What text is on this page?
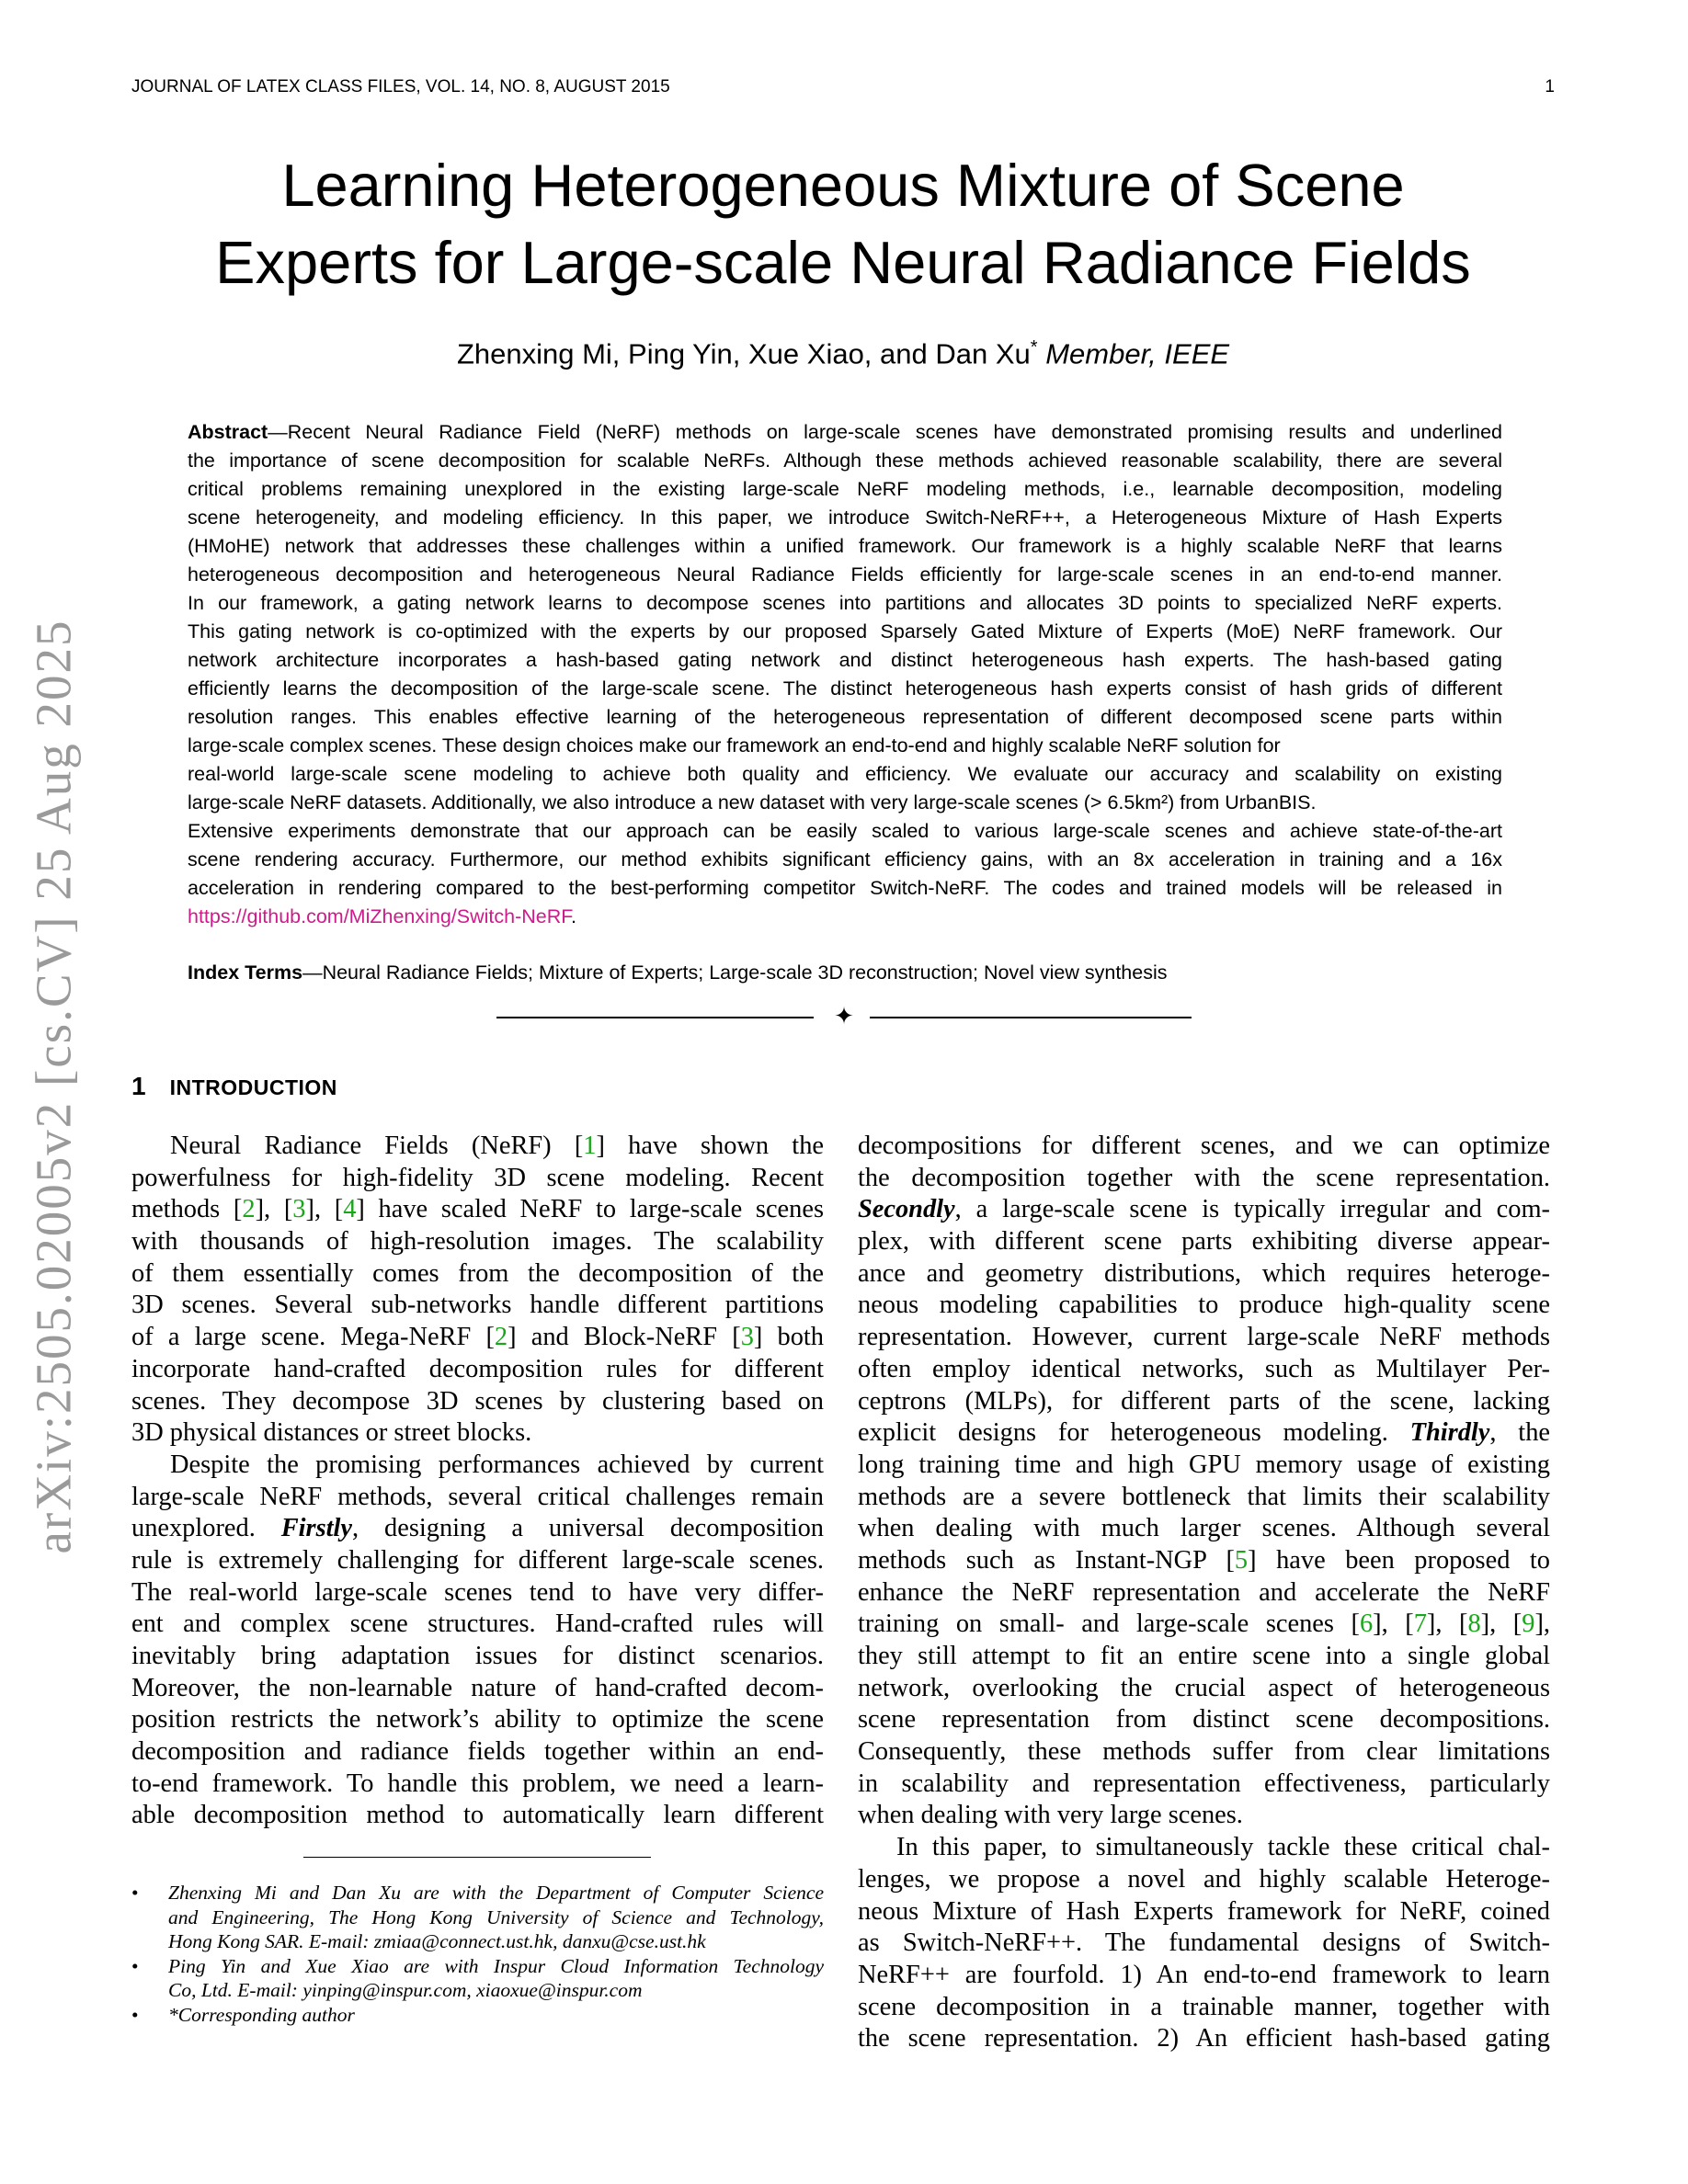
JOURNAL OF LATEX CLASS FILES, VOL. 14, NO. 8, AUGUST 2015	1
arXiv:2505.02005v2 [cs.CV] 25 Aug 2025
Learning Heterogeneous Mixture of Scene
Experts for Large-scale Neural Radiance Fields
Zhenxing Mi, Ping Yin, Xue Xiao, and Dan Xu* Member, IEEE
Abstract—Recent Neural Radiance Field (NeRF) methods on large-scale scenes have demonstrated promising results and underlined
the importance of scene decomposition for scalable NeRFs. Although these methods achieved reasonable scalability, there are several
critical problems remaining unexplored in the existing large-scale NeRF modeling methods, i.e., learnable decomposition, modeling
scene heterogeneity, and modeling efficiency. In this paper, we introduce Switch-NeRF++, a Heterogeneous Mixture of Hash Experts
(HMoHE) network that addresses these challenges within a unified framework. Our framework is a highly scalable NeRF that learns
heterogeneous decomposition and heterogeneous Neural Radiance Fields efficiently for large-scale scenes in an end-to-end manner.
In our framework, a gating network learns to decompose scenes into partitions and allocates 3D points to specialized NeRF experts.
This gating network is co-optimized with the experts by our proposed Sparsely Gated Mixture of Experts (MoE) NeRF framework. Our
network architecture incorporates a hash-based gating network and distinct heterogeneous hash experts. The hash-based gating
efficiently learns the decomposition of the large-scale scene. The distinct heterogeneous hash experts consist of hash grids of different
resolution ranges. This enables effective learning of the heterogeneous representation of different decomposed scene parts within
large-scale complex scenes. These design choices make our framework an end-to-end and highly scalable NeRF solution for
real-world large-scale scene modeling to achieve both quality and efficiency. We evaluate our accuracy and scalability on existing
large-scale NeRF datasets. Additionally, we also introduce a new dataset with very large-scale scenes (> 6.5km²) from UrbanBIS.
Extensive experiments demonstrate that our approach can be easily scaled to various large-scale scenes and achieve state-of-the-art
scene rendering accuracy. Furthermore, our method exhibits significant efficiency gains, with an 8x acceleration in training and a 16x
acceleration in rendering compared to the best-performing competitor Switch-NeRF. The codes and trained models will be released in
https://github.com/MiZhenxing/Switch-NeRF.
Index Terms—Neural Radiance Fields; Mixture of Experts; Large-scale 3D reconstruction; Novel view synthesis
✦
1 INTRODUCTION
Neural Radiance Fields (NeRF) [1] have shown the
powerfulness for high-fidelity 3D scene modeling. Recent
methods [2], [3], [4] have scaled NeRF to large-scale scenes
with thousands of high-resolution images. The scalability
of them essentially comes from the decomposition of the
3D scenes. Several sub-networks handle different partitions
of a large scene. Mega-NeRF [2] and Block-NeRF [3] both
incorporate hand-crafted decomposition rules for different
scenes. They decompose 3D scenes by clustering based on
3D physical distances or street blocks.
Despite the promising performances achieved by current
large-scale NeRF methods, several critical challenges remain
unexplored. Firstly, designing a universal decomposition
rule is extremely challenging for different large-scale scenes.
The real-world large-scale scenes tend to have very differ-
ent and complex scene structures. Hand-crafted rules will
inevitably bring adaptation issues for distinct scenarios.
Moreover, the non-learnable nature of hand-crafted decom-
position restricts the network’s ability to optimize the scene
decomposition and radiance fields together within an end-
to-end framework. To handle this problem, we need a learn-
able decomposition method to automatically learn different
decompositions for different scenes, and we can optimize
the decomposition together with the scene representation.
Secondly, a large-scale scene is typically irregular and com-
plex, with different scene parts exhibiting diverse appear-
ance and geometry distributions, which requires heteroge-
neous modeling capabilities to produce high-quality scene
representation. However, current large-scale NeRF methods
often employ identical networks, such as Multilayer Per-
ceptrons (MLPs), for different parts of the scene, lacking
explicit designs for heterogeneous modeling. Thirdly, the
long training time and high GPU memory usage of existing
methods are a severe bottleneck that limits their scalability
when dealing with much larger scenes. Although several
methods such as Instant-NGP [5] have been proposed to
enhance the NeRF representation and accelerate the NeRF
training on small- and large-scale scenes [6], [7], [8], [9],
they still attempt to fit an entire scene into a single global
network, overlooking the crucial aspect of heterogeneous
scene representation from distinct scene decompositions.
Consequently, these methods suffer from clear limitations
in scalability and representation effectiveness, particularly
when dealing with very large scenes.
In this paper, to simultaneously tackle these critical chal-
lenges, we propose a novel and highly scalable Heteroge-
neous Mixture of Hash Experts framework for NeRF, coined
as Switch-NeRF++. The fundamental designs of Switch-
NeRF++ are fourfold. 1) An end-to-end framework to learn
scene decomposition in a trainable manner, together with
the scene representation. 2) An efficient hash-based gating
• Zhenxing Mi and Dan Xu are with the Department of Computer Science
and Engineering, The Hong Kong University of Science and Technology,
Hong Kong SAR. E-mail: zmiaa@connect.ust.hk, danxu@cse.ust.hk
• Ping Yin and Xue Xiao are with Inspur Cloud Information Technology
Co, Ltd. E-mail: yinping@inspur.com, xiaoxue@inspur.com
• *Corresponding author
